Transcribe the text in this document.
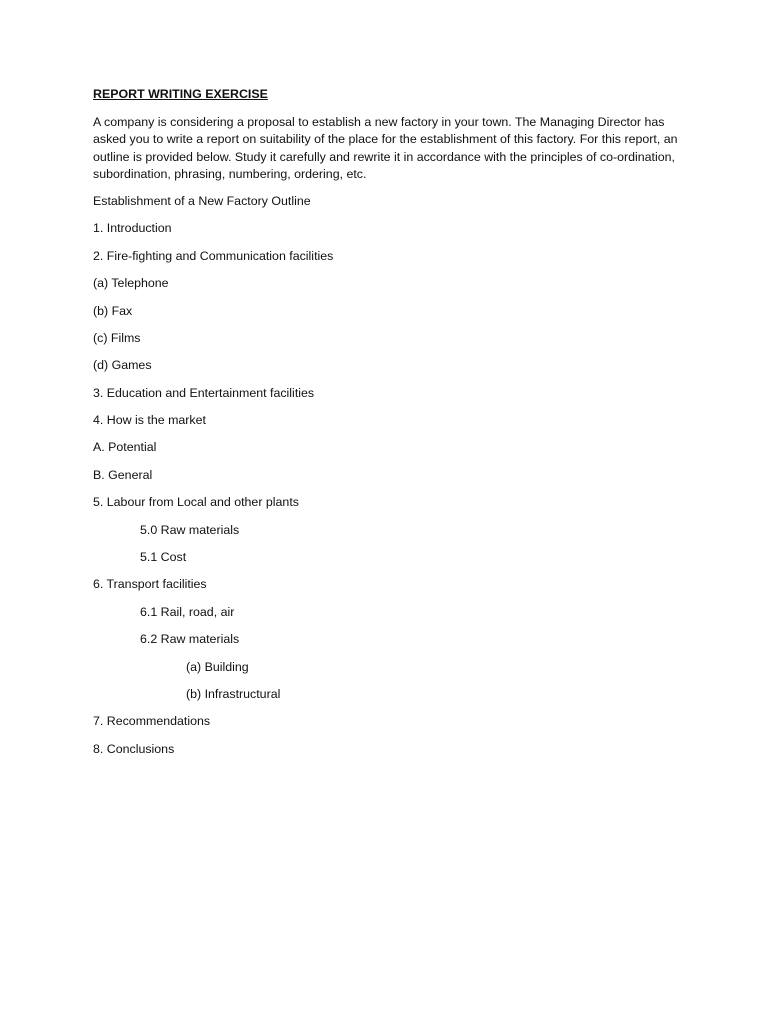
REPORT WRITING EXERCISE

A company is considering a proposal to establish a new factory in your town. The Managing Director has asked you to write a report on suitability of the place for the establishment of this factory. For this report, an outline is provided below. Study it carefully and rewrite it in accordance with the principles of co-ordination, subordination, phrasing, numbering, ordering, etc.

Establishment of a New Factory Outline
1. Introduction
2. Fire-fighting and Communication facilities
(a) Telephone
(b) Fax
(c) Films
(d) Games
3. Education and Entertainment facilities
4. How is the market
A. Potential
B. General
5. Labour from Local and other plants
5.0 Raw materials
5.1 Cost
6. Transport facilities
6.1 Rail, road, air
6.2 Raw materials
(a) Building
(b) Infrastructural
7. Recommendations
8. Conclusions
